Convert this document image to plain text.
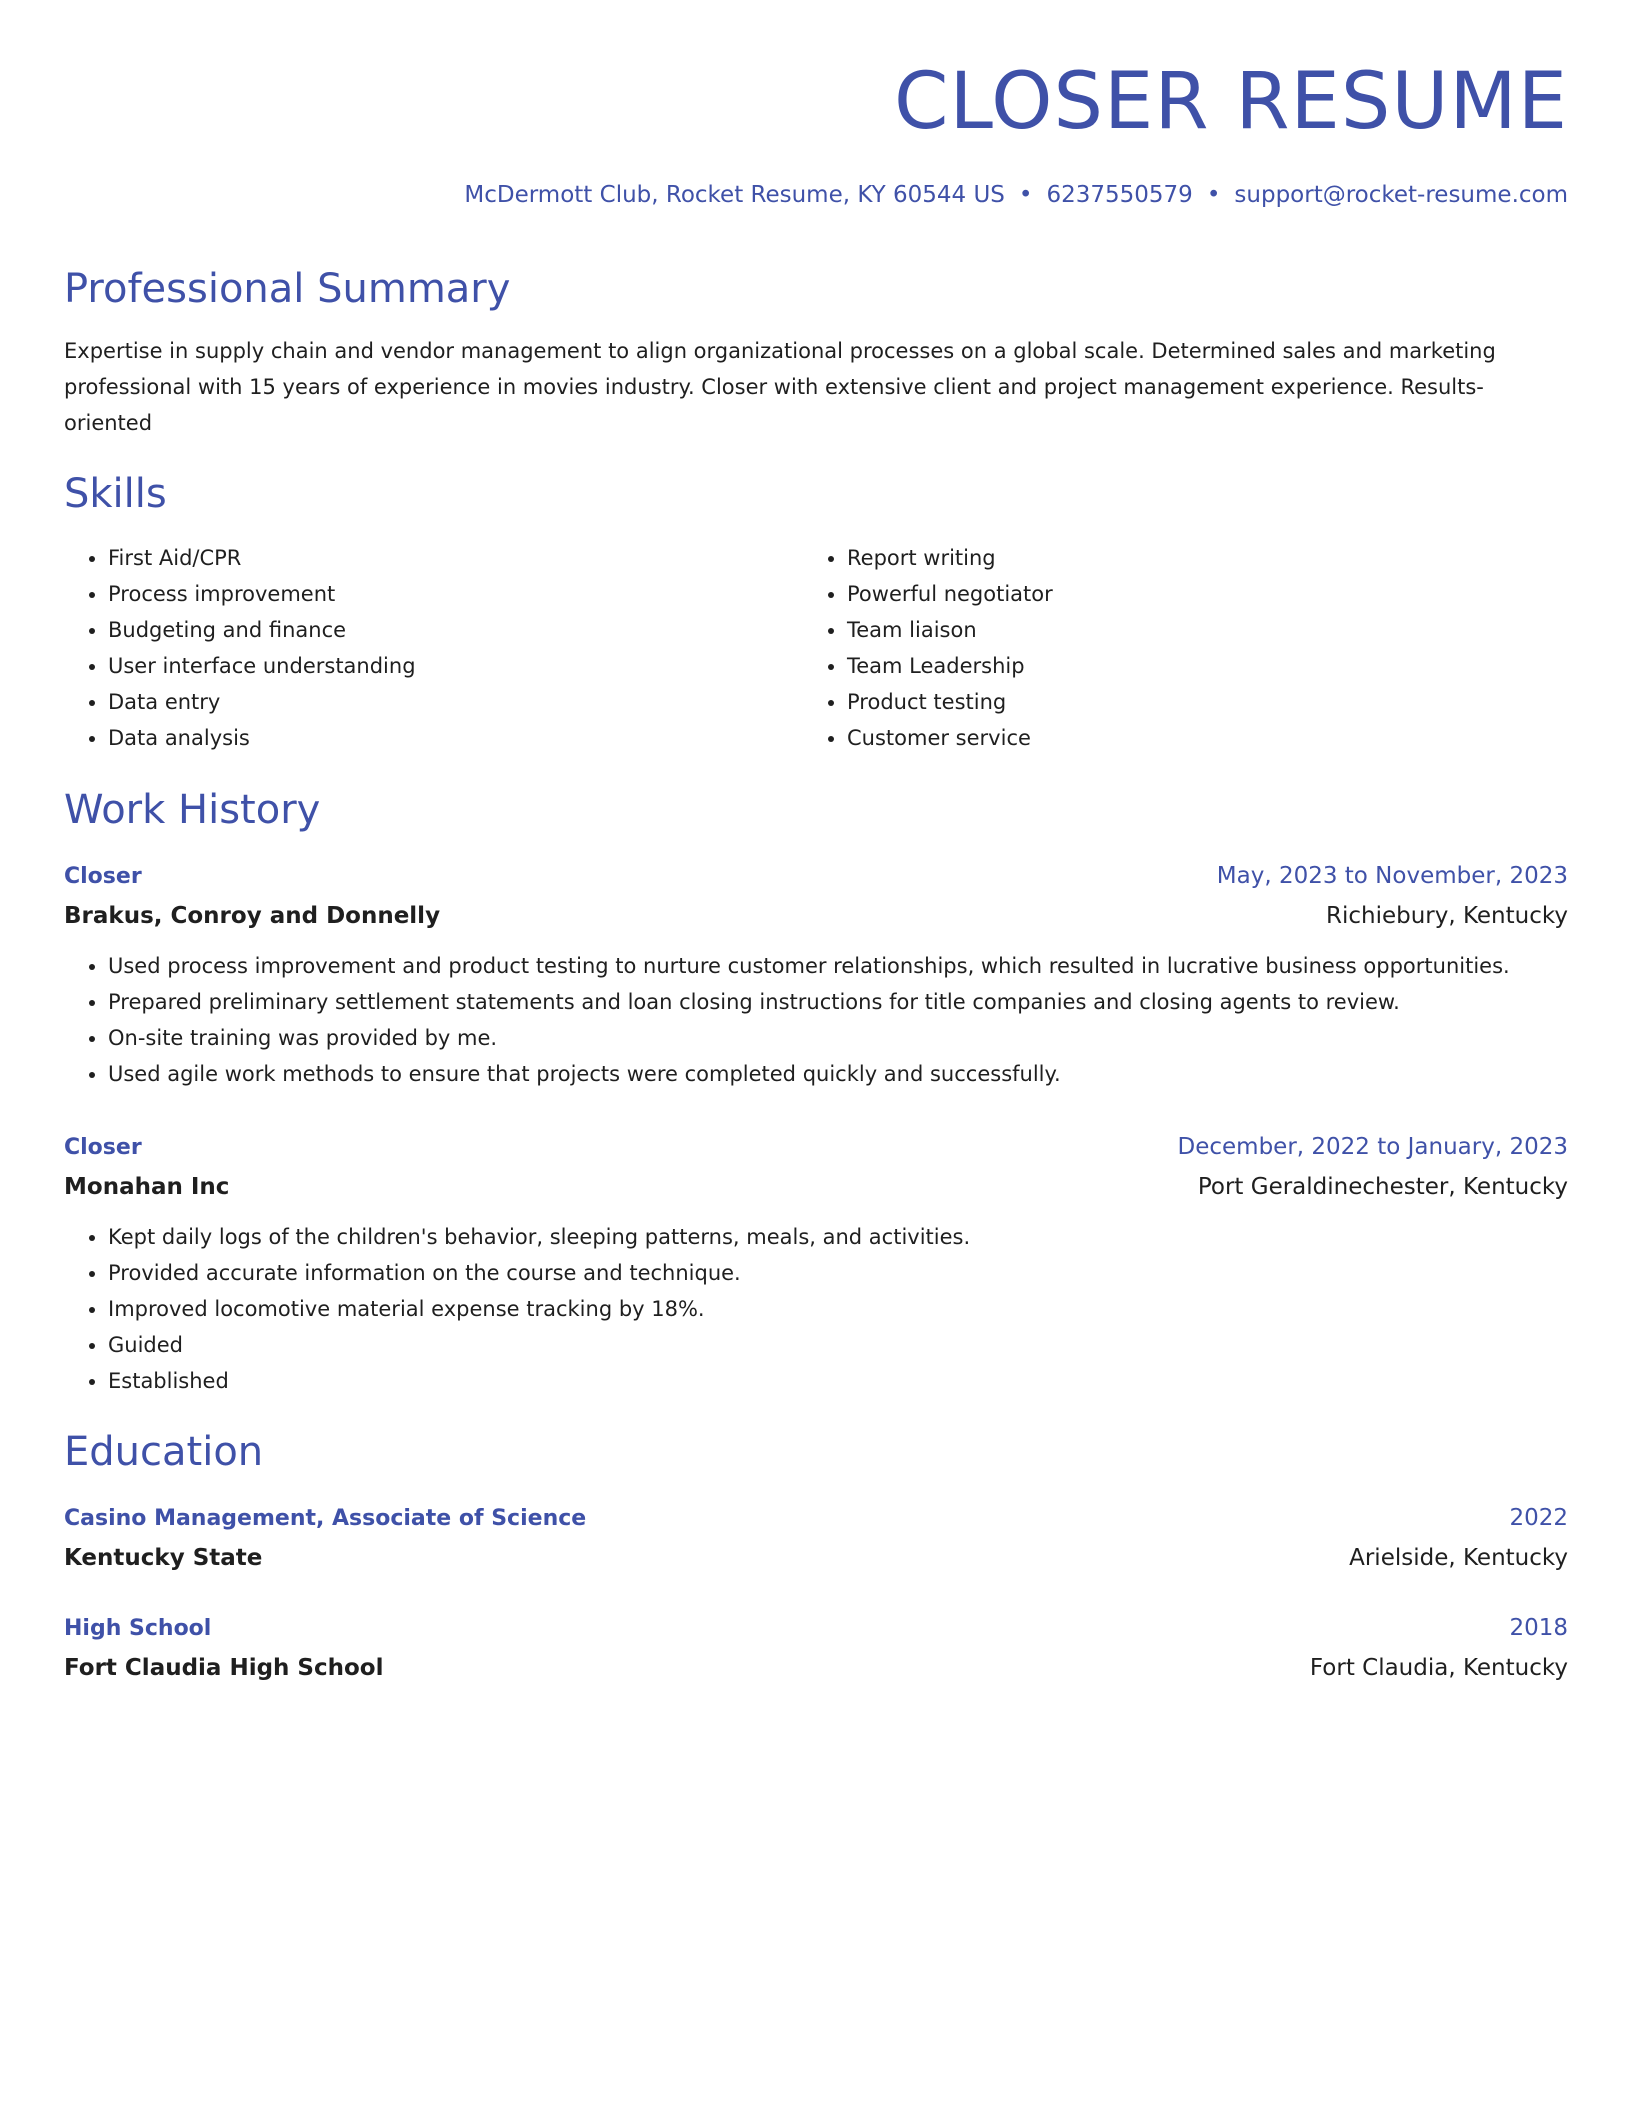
CLOSER RESUME
McDermott Club, Rocket Resume, KY 60544 US • 6237550579 • support@rocket-resume.com
Professional Summary

Expertise in supply chain and vendor management to align organizational processes on a global scale. Determined sales and marketing professional with 15 years of experience in movies industry. Closer with extensive client and project management experience. Results-oriented

Skills
• First Aid/CPR
• Process improvement
• Budgeting and finance
• User interface understanding
• Data entry
• Data analysis
• Report writing
• Powerful negotiator
• Team liaison
• Team Leadership
• Product testing
• Customer service
Work History
Closer	May, 2023 to November, 2023
Brakus, Conroy and Donnelly	Richiebury, Kentucky
• Used process improvement and product testing to nurture customer relationships, which resulted in lucrative business opportunities.
• Prepared preliminary settlement statements and loan closing instructions for title companies and closing agents to review.
• On-site training was provided by me.
• Used agile work methods to ensure that projects were completed quickly and successfully.
Closer	December, 2022 to January, 2023
Monahan Inc	Port Geraldinechester, Kentucky
• Kept daily logs of the children's behavior, sleeping patterns, meals, and activities.
• Provided accurate information on the course and technique.
• Improved locomotive material expense tracking by 18%.
• Guided
• Established
Education
Casino Management, Associate of Science	2022
Kentucky State	Arielside, Kentucky
High School	2018
Fort Claudia High School	Fort Claudia, Kentucky
